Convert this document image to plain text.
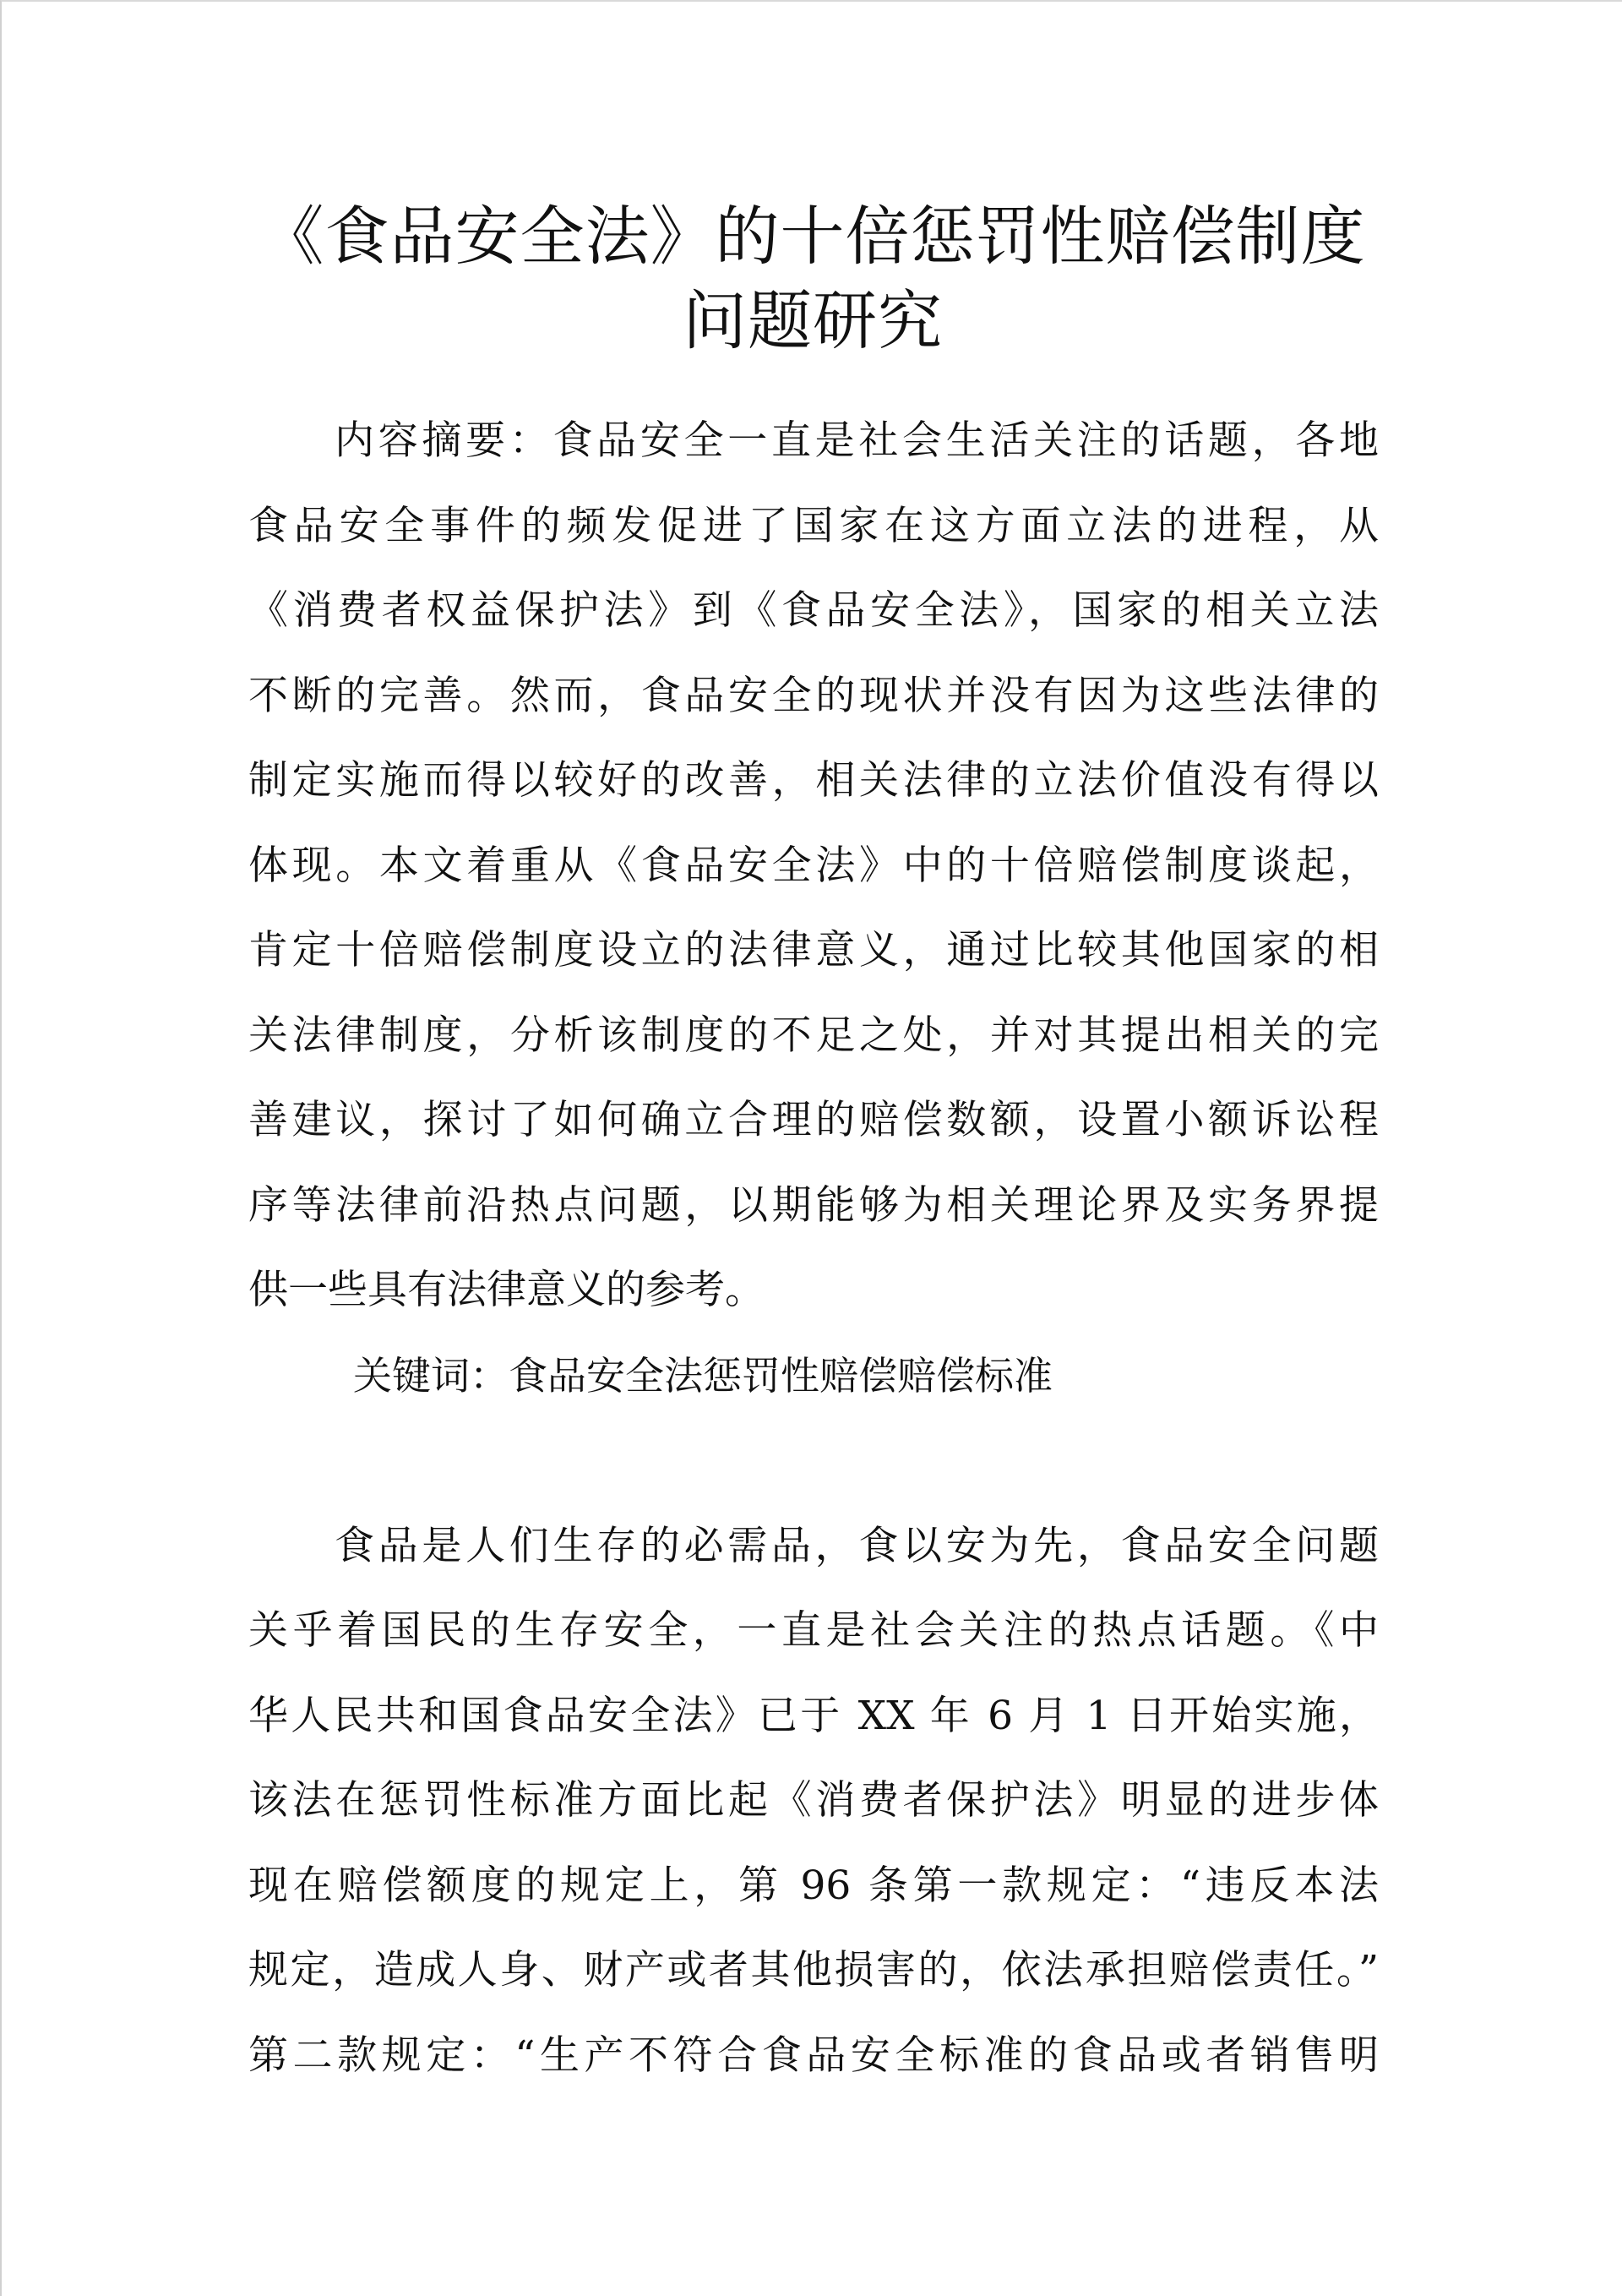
《食品安全法》的十倍惩罚性赔偿制度
问题研究

内容摘要：食品安全一直是社会生活关注的话题，各地
食品安全事件的频发促进了国家在这方面立法的进程，从
《消费者权益保护法》到《食品安全法》，国家的相关立法
不断的完善。然而，食品安全的现状并没有因为这些法律的
制定实施而得以较好的改善，相关法律的立法价值没有得以
体现。本文着重从《食品安全法》中的十倍赔偿制度谈起，
肯定十倍赔偿制度设立的法律意义，通过比较其他国家的相
关法律制度，分析该制度的不足之处，并对其提出相关的完
善建议，探讨了如何确立合理的赔偿数额，设置小额诉讼程
序等法律前沿热点问题，以期能够为相关理论界及实务界提
供一些具有法律意义的参考。

关键词：食品安全法惩罚性赔偿赔偿标准

食品是人们生存的必需品，食以安为先，食品安全问题
关乎着国民的生存安全，一直是社会关注的热点话题。《中
华人民共和国食品安全法》已于 XX 年 6 月 1 日开始实施，
该法在惩罚性标准方面比起《消费者保护法》明显的进步体
现在赔偿额度的规定上，第 96 条第一款规定：“违反本法
规定，造成人身、财产或者其他损害的，依法承担赔偿责任。”
第二款规定：“生产不符合食品安全标准的食品或者销售明
